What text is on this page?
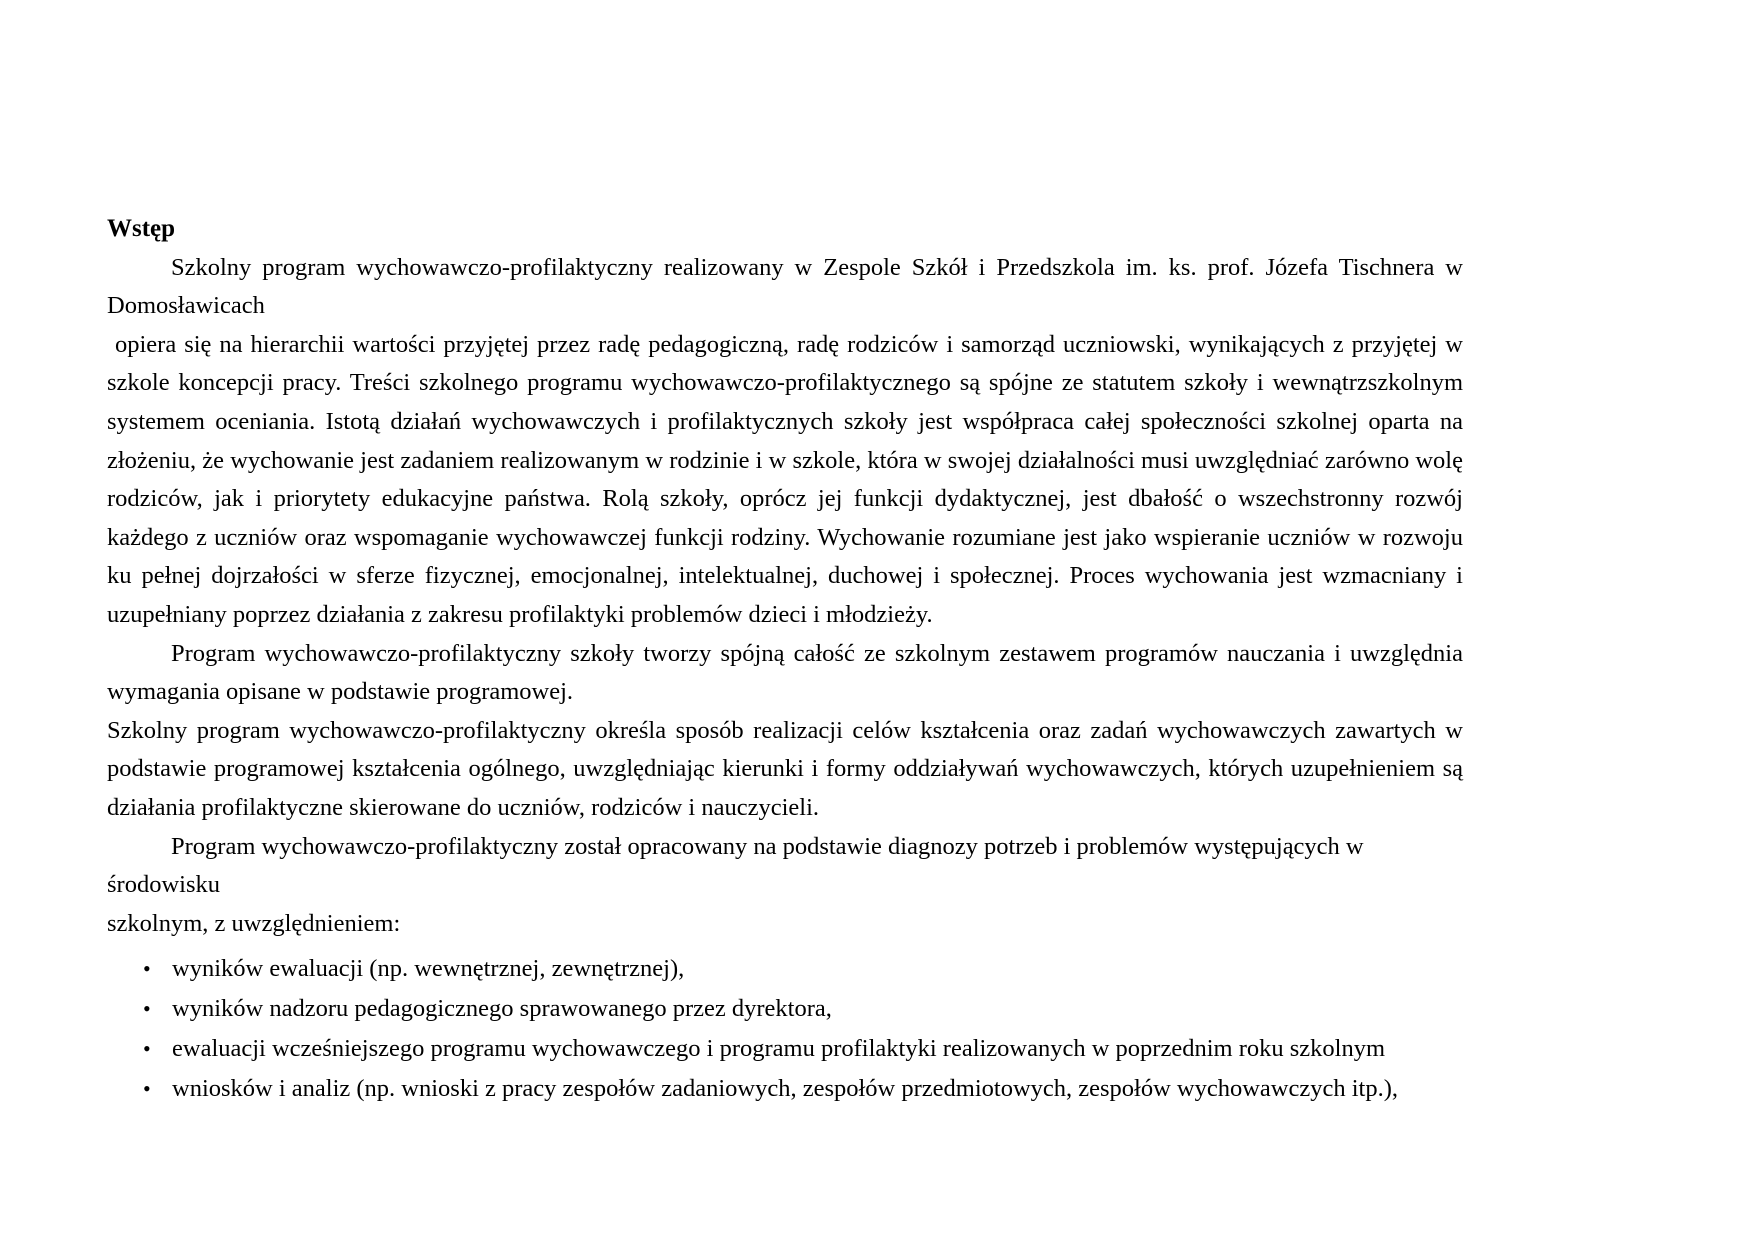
Wstęp

Szkolny program wychowawczo-profilaktyczny realizowany w Zespole Szkół i Przedszkola im. ks. prof. Józefa Tischnera w Domosławicach
opiera się na hierarchii wartości przyjętej przez radę pedagogiczną, radę rodziców i samorząd uczniowski, wynikających z przyjętej w szkole koncepcji pracy. Treści szkolnego programu wychowawczo-profilaktycznego są spójne ze statutem szkoły i wewnątrzszkolnym systemem oceniania. Istotą działań wychowawczych i profilaktycznych szkoły jest współpraca całej społeczności szkolnej oparta na złożeniu, że wychowanie jest zadaniem realizowanym w rodzinie i w szkole, która w swojej działalności musi uwzględniać zarówno wolę rodziców, jak i priorytety edukacyjne państwa. Rolą szkoły, oprócz jej funkcji dydaktycznej, jest dbałość o wszechstronny rozwój każdego z uczniów oraz wspomaganie wychowawczej funkcji rodziny. Wychowanie rozumiane jest jako wspieranie uczniów w rozwoju ku pełnej dojrzałości w sferze fizycznej, emocjonalnej, intelektualnej, duchowej i społecznej. Proces wychowania jest wzmacniany i uzupełniany poprzez działania z zakresu profilaktyki problemów dzieci i młodzieży.

Program wychowawczo-profilaktyczny szkoły tworzy spójną całość ze szkolnym zestawem programów nauczania i uwzględnia wymagania opisane w podstawie programowej.

Szkolny program wychowawczo-profilaktyczny określa sposób realizacji celów kształcenia oraz zadań wychowawczych zawartych w podstawie programowej kształcenia ogólnego, uwzględniając kierunki i formy oddziaływań wychowawczych, których uzupełnieniem są działania profilaktyczne skierowane do uczniów, rodziców i nauczycieli.

Program wychowawczo-profilaktyczny został opracowany na podstawie diagnozy potrzeb i problemów występujących w środowisku
szkolnym, z uwzględnieniem:

• wyników ewaluacji (np. wewnętrznej, zewnętrznej),
• wyników nadzoru pedagogicznego sprawowanego przez dyrektora,
• ewaluacji wcześniejszego programu wychowawczego i programu profilaktyki realizowanych w poprzednim roku szkolnym
• wniosków i analiz (np. wnioski z pracy zespołów zadaniowych, zespołów przedmiotowych, zespołów wychowawczych itp.),
